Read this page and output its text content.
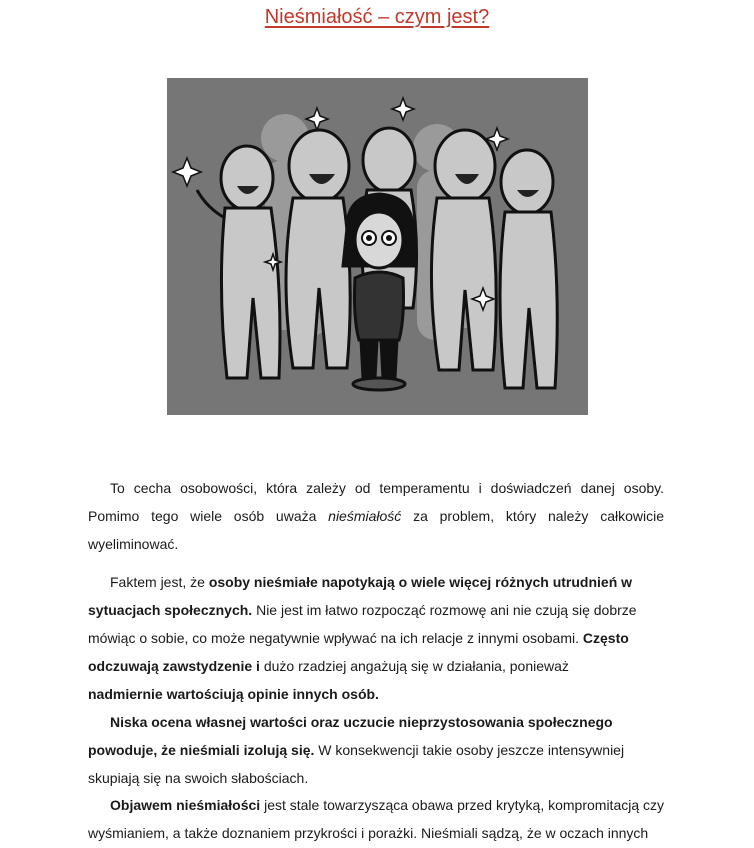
Nieśmiałość – czym jest?

To cecha osobowości, która zależy od temperamentu i doświadczeń danej osoby. Pomimo tego wiele osób uważa nieśmiałość za problem, który należy całkowicie wyeliminować.

Faktem jest, że osoby nieśmiałe napotykają o wiele więcej różnych utrudnień w sytuacjach społecznych. Nie jest im łatwo rozpocząć rozmowę ani nie czują się dobrze mówiąc o sobie, co może negatywnie wpływać na ich relacje z innymi osobami. Często odczuwają zawstydzenie i dużo rzadziej angażują się w działania, ponieważnadmiernie wartościują opinie innych osób.

Niska ocena własnej wartości oraz uczucie nieprzystosowania społecznego powoduje, że nieśmiali izolują się. W konsekwencji takie osoby jeszcze intensywniej skupiają się na swoich słabościach.

Objawem nieśmiałości jest stale towarzysząca obawa przed krytyką, kompromitacją czy wyśmianiem, a także doznaniem przykrości i porażki. Nieśmiali sądzą, że w oczach innych
